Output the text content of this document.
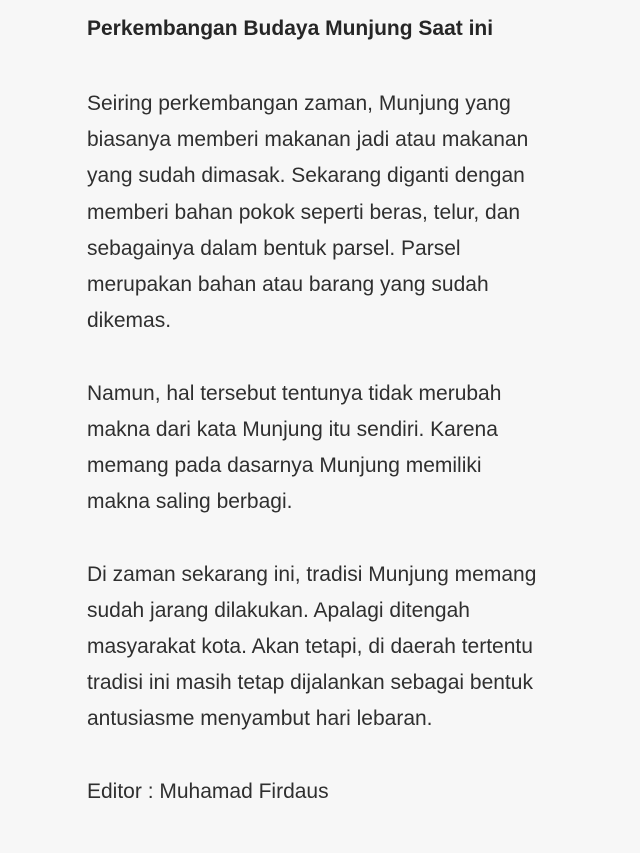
Perkembangan Budaya Munjung Saat ini

Seiring perkembangan zaman, Munjung yang
biasanya memberi makanan jadi atau makanan
yang sudah dimasak. Sekarang diganti dengan
memberi bahan pokok seperti beras, telur, dan
sebagainya dalam bentuk parsel. Parsel
merupakan bahan atau barang yang sudah
dikemas.

Namun, hal tersebut tentunya tidak merubah
makna dari kata Munjung itu sendiri. Karena
memang pada dasarnya Munjung memiliki
makna saling berbagi.

Di zaman sekarang ini, tradisi Munjung memang
sudah jarang dilakukan. Apalagi ditengah
masyarakat kota. Akan tetapi, di daerah tertentu
tradisi ini masih tetap dijalankan sebagai bentuk
antusiasme menyambut hari lebaran.

Editor : Muhamad Firdaus
